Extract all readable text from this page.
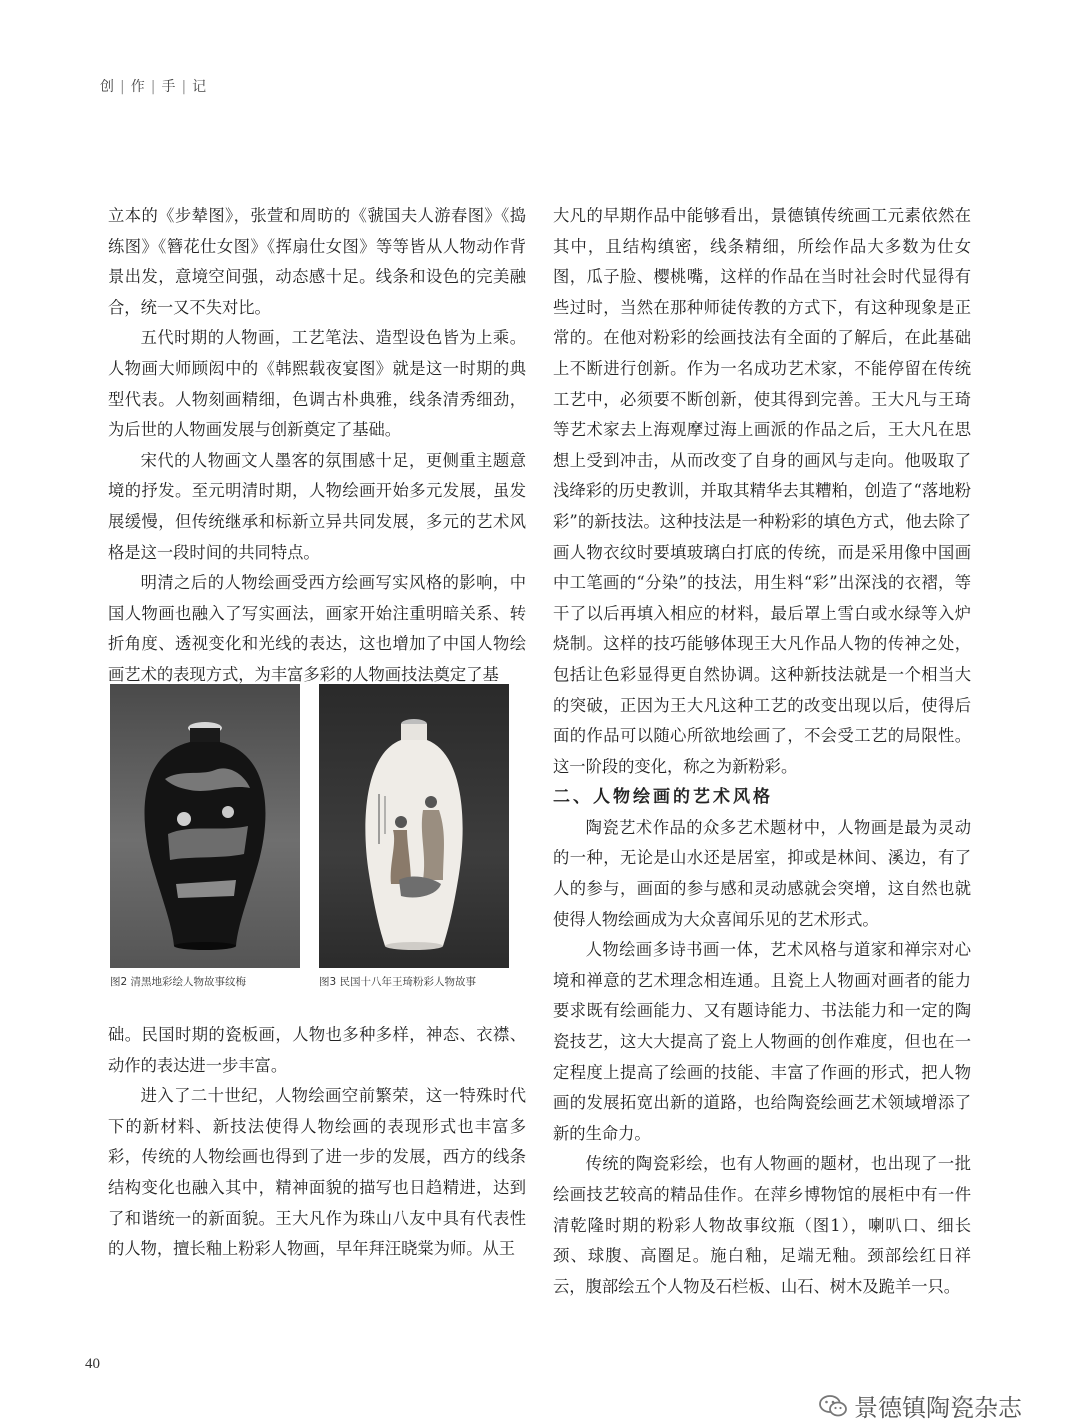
创 | 作 | 手 | 记

立本的《步辇图》，张萱和周昉的《虢国夫人游春图》《捣练图》《簪花仕女图》《挥扇仕女图》等等皆从人物动作背景出发，意境空间强，动态感十足。线条和设色的完美融合，统一又不失对比。

五代时期的人物画，工艺笔法、造型设色皆为上乘。人物画大师顾闳中的《韩熙载夜宴图》就是这一时期的典型代表。人物刻画精细，色调古朴典雅，线条清秀细劲，为后世的人物画发展与创新奠定了基础。

宋代的人物画文人墨客的氛围感十足，更侧重主题意境的抒发。至元明清时期，人物绘画开始多元发展，虽发展缓慢，但传统继承和标新立异共同发展，多元的艺术风格是这一段时间的共同特点。

明清之后的人物绘画受西方绘画写实风格的影响，中国人物画也融入了写实画法，画家开始注重明暗关系、转折角度、透视变化和光线的表达，这也增加了中国人物绘画艺术的表现方式，为丰富多彩的人物画技法奠定了基

图2 清黑地彩绘人物故事纹梅	图3 民国十八年王琦粉彩人物故事

础。民国时期的瓷板画，人物也多种多样，神态、衣襟、动作的表达进一步丰富。

进入了二十世纪，人物绘画空前繁荣，这一特殊时代下的新材料、新技法使得人物绘画的表现形式也丰富多彩，传统的人物绘画也得到了进一步的发展，西方的线条结构变化也融入其中，精神面貌的描写也日趋精进，达到了和谐统一的新面貌。王大凡作为珠山八友中具有代表性的人物，擅长釉上粉彩人物画，早年拜汪晓棠为师。从王

大凡的早期作品中能够看出，景德镇传统画工元素依然在其中，且结构缜密，线条精细，所绘作品大多数为仕女图，瓜子脸、樱桃嘴，这样的作品在当时社会时代显得有些过时，当然在那种师徒传教的方式下，有这种现象是正常的。在他对粉彩的绘画技法有全面的了解后，在此基础上不断进行创新。作为一名成功艺术家，不能停留在传统工艺中，必须要不断创新，使其得到完善。王大凡与王琦等艺术家去上海观摩过海上画派的作品之后，王大凡在思想上受到冲击，从而改变了自身的画风与走向。他吸取了浅绛彩的历史教训，并取其精华去其糟粕，创造了“落地粉彩”的新技法。这种技法是一种粉彩的填色方式，他去除了画人物衣纹时要填玻璃白打底的传统，而是采用像中国画中工笔画的“分染”的技法，用生料“彩”出深浅的衣褶，等干了以后再填入相应的材料，最后罩上雪白或水绿等入炉烧制。这样的技巧能够体现王大凡作品人物的传神之处，包括让色彩显得更自然协调。这种新技法就是一个相当大的突破，正因为王大凡这种工艺的改变出现以后，使得后面的作品可以随心所欲地绘画了，不会受工艺的局限性。这一阶段的变化，称之为新粉彩。

二、人物绘画的艺术风格

陶瓷艺术作品的众多艺术题材中，人物画是最为灵动的一种，无论是山水还是居室，抑或是林间、溪边，有了人的参与，画面的参与感和灵动感就会突增，这自然也就使得人物绘画成为大众喜闻乐见的艺术形式。

人物绘画多诗书画一体，艺术风格与道家和禅宗对心境和禅意的艺术理念相连通。且瓷上人物画对画者的能力要求既有绘画能力、又有题诗能力、书法能力和一定的陶瓷技艺，这大大提高了瓷上人物画的创作难度，但也在一定程度上提高了绘画的技能、丰富了作画的形式，把人物画的发展拓宽出新的道路，也给陶瓷绘画艺术领域增添了新的生命力。

传统的陶瓷彩绘，也有人物画的题材，也出现了一批绘画技艺较高的精品佳作。在萍乡博物馆的展柜中有一件清乾隆时期的粉彩人物故事纹瓶（图1），喇叭口、细长颈、球腹、高圈足。施白釉，足端无釉。颈部绘红日祥云，腹部绘五个人物及石栏板、山石、树木及跪羊一只。

40
景德镇陶瓷杂志
